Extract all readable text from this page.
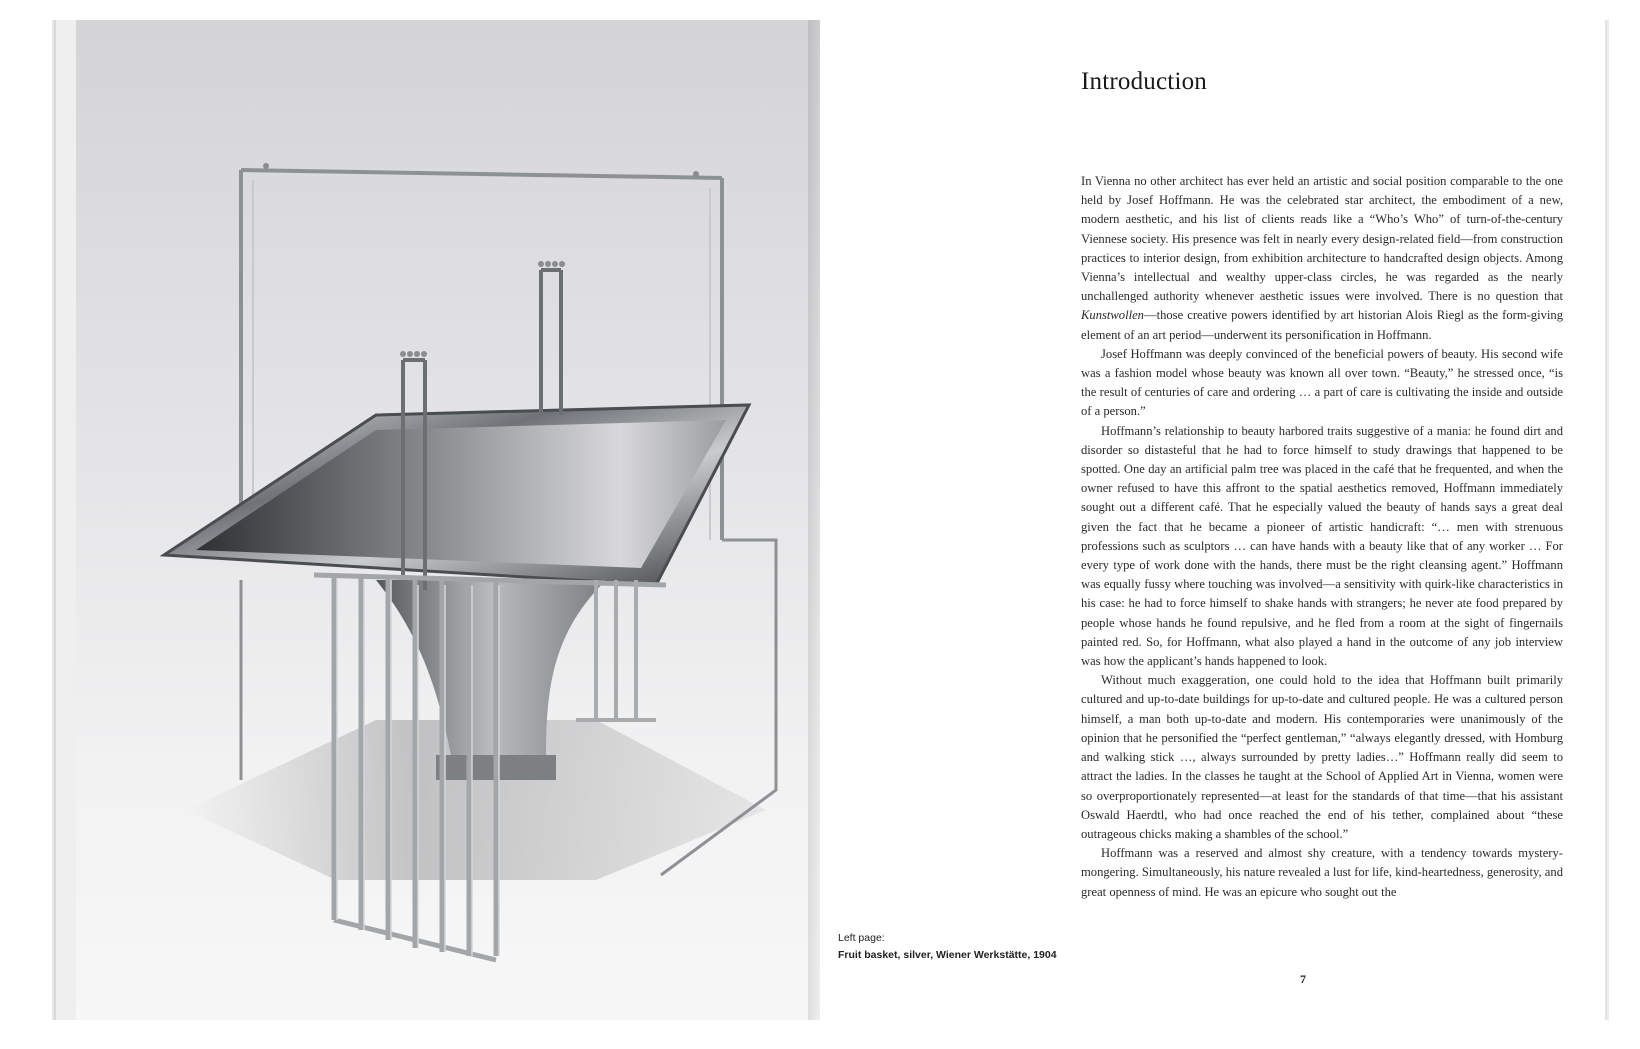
Left page:
Fruit basket, silver, Wiener Werkstätte, 1904
Introduction

In Vienna no other architect has ever held an artistic and social position comparable to the one held by Josef Hoffmann. He was the celebrated star architect, the embodiment of a new, modern aesthetic, and his list of clients reads like a “Who’s Who” of turn-of-the-century Viennese society. His presence was felt in nearly every design-related field—from construction practices to interior design, from exhibition architecture to handcrafted design objects. Among Vienna’s intellectual and wealthy upper-class circles, he was regarded as the nearly unchallenged authority whenever aesthetic issues were involved. There is no question that Kunstwollen—those creative powers identified by art historian Alois Riegl as the form-giving element of an art period—underwent its personification in Hoffmann.

Josef Hoffmann was deeply convinced of the beneficial powers of beauty. His second wife was a fashion model whose beauty was known all over town. “Beauty,” he stressed once, “is the result of centuries of care and ordering … a part of care is cultivating the inside and outside of a person.”

Hoffmann’s relationship to beauty harbored traits suggestive of a mania: he found dirt and disorder so distasteful that he had to force himself to study drawings that happened to be spotted. One day an artificial palm tree was placed in the café that he frequented, and when the owner refused to have this affront to the spatial aesthetics removed, Hoffmann immediately sought out a different café. That he especially valued the beauty of hands says a great deal given the fact that he became a pioneer of artistic handicraft: “… men with strenuous professions such as sculptors … can have hands with a beauty like that of any worker … For every type of work done with the hands, there must be the right cleansing agent.” Hoffmann was equally fussy where touching was involved—a sensitivity with quirk-like characteristics in his case: he had to force himself to shake hands with strangers; he never ate food prepared by people whose hands he found repulsive, and he fled from a room at the sight of fingernails painted red. So, for Hoffmann, what also played a hand in the outcome of any job interview was how the applicant’s hands happened to look.

Without much exaggeration, one could hold to the idea that Hoffmann built primarily cultured and up-to-date buildings for up-to-date and cultured people. He was a cultured person himself, a man both up-to-date and modern. His contemporaries were unanimously of the opinion that he personified the “perfect gentleman,” “always elegantly dressed, with Homburg and walking stick …, always surrounded by pretty ladies…” Hoffmann really did seem to attract the ladies. In the classes he taught at the School of Applied Art in Vienna, women were so overproportionately represented—at least for the standards of that time—that his assistant Oswald Haerdtl, who had once reached the end of his tether, complained about “these outrageous chicks making a shambles of the school.”

Hoffmann was a reserved and almost shy creature, with a tendency towards mystery-mongering. Simultaneously, his nature revealed a lust for life, kind-heartedness, generosity, and great openness of mind. He was an epicure who sought out the

7
